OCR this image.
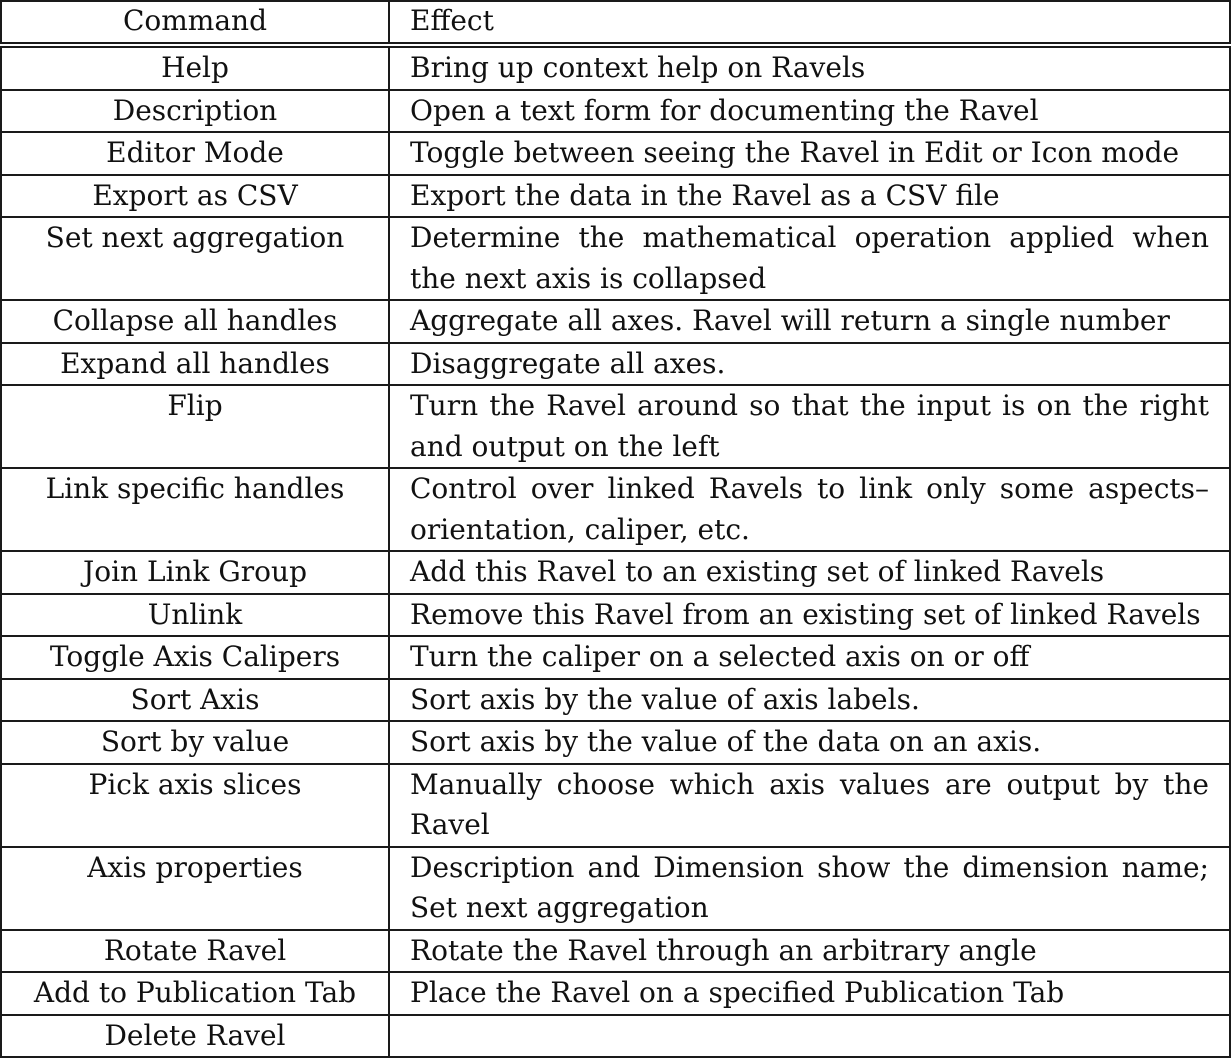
Command	Effect

Help	Bring up context help on Ravels
Description	Open a text form for documenting the Ravel
Editor Mode	Toggle between seeing the Ravel in Edit or Icon mode
Export as CSV	Export the data in the Ravel as a CSV file
Set next aggregation	Determine the mathematical operation applied when the next axis is collapsed
Collapse all handles	Aggregate all axes. Ravel will return a single number
Expand all handles	Disaggregate all axes.
Flip	Turn the Ravel around so that the input is on the right and output on the left
Link specific handles	Control over linked Ravels to link only some aspects– orientation, caliper, etc.
Join Link Group	Add this Ravel to an existing set of linked Ravels
Unlink	Remove this Ravel from an existing set of linked Ravels
Toggle Axis Calipers	Turn the caliper on a selected axis on or off
Sort Axis	Sort axis by the value of axis labels.
Sort by value	Sort axis by the value of the data on an axis.
Pick axis slices	Manually choose which axis values are output by the Ravel
Axis properties	Description and Dimension show the dimension name; Set next aggregation
Rotate Ravel	Rotate the Ravel through an arbitrary angle
Add to Publication Tab	Place the Ravel on a specified Publication Tab
Delete Ravel	
